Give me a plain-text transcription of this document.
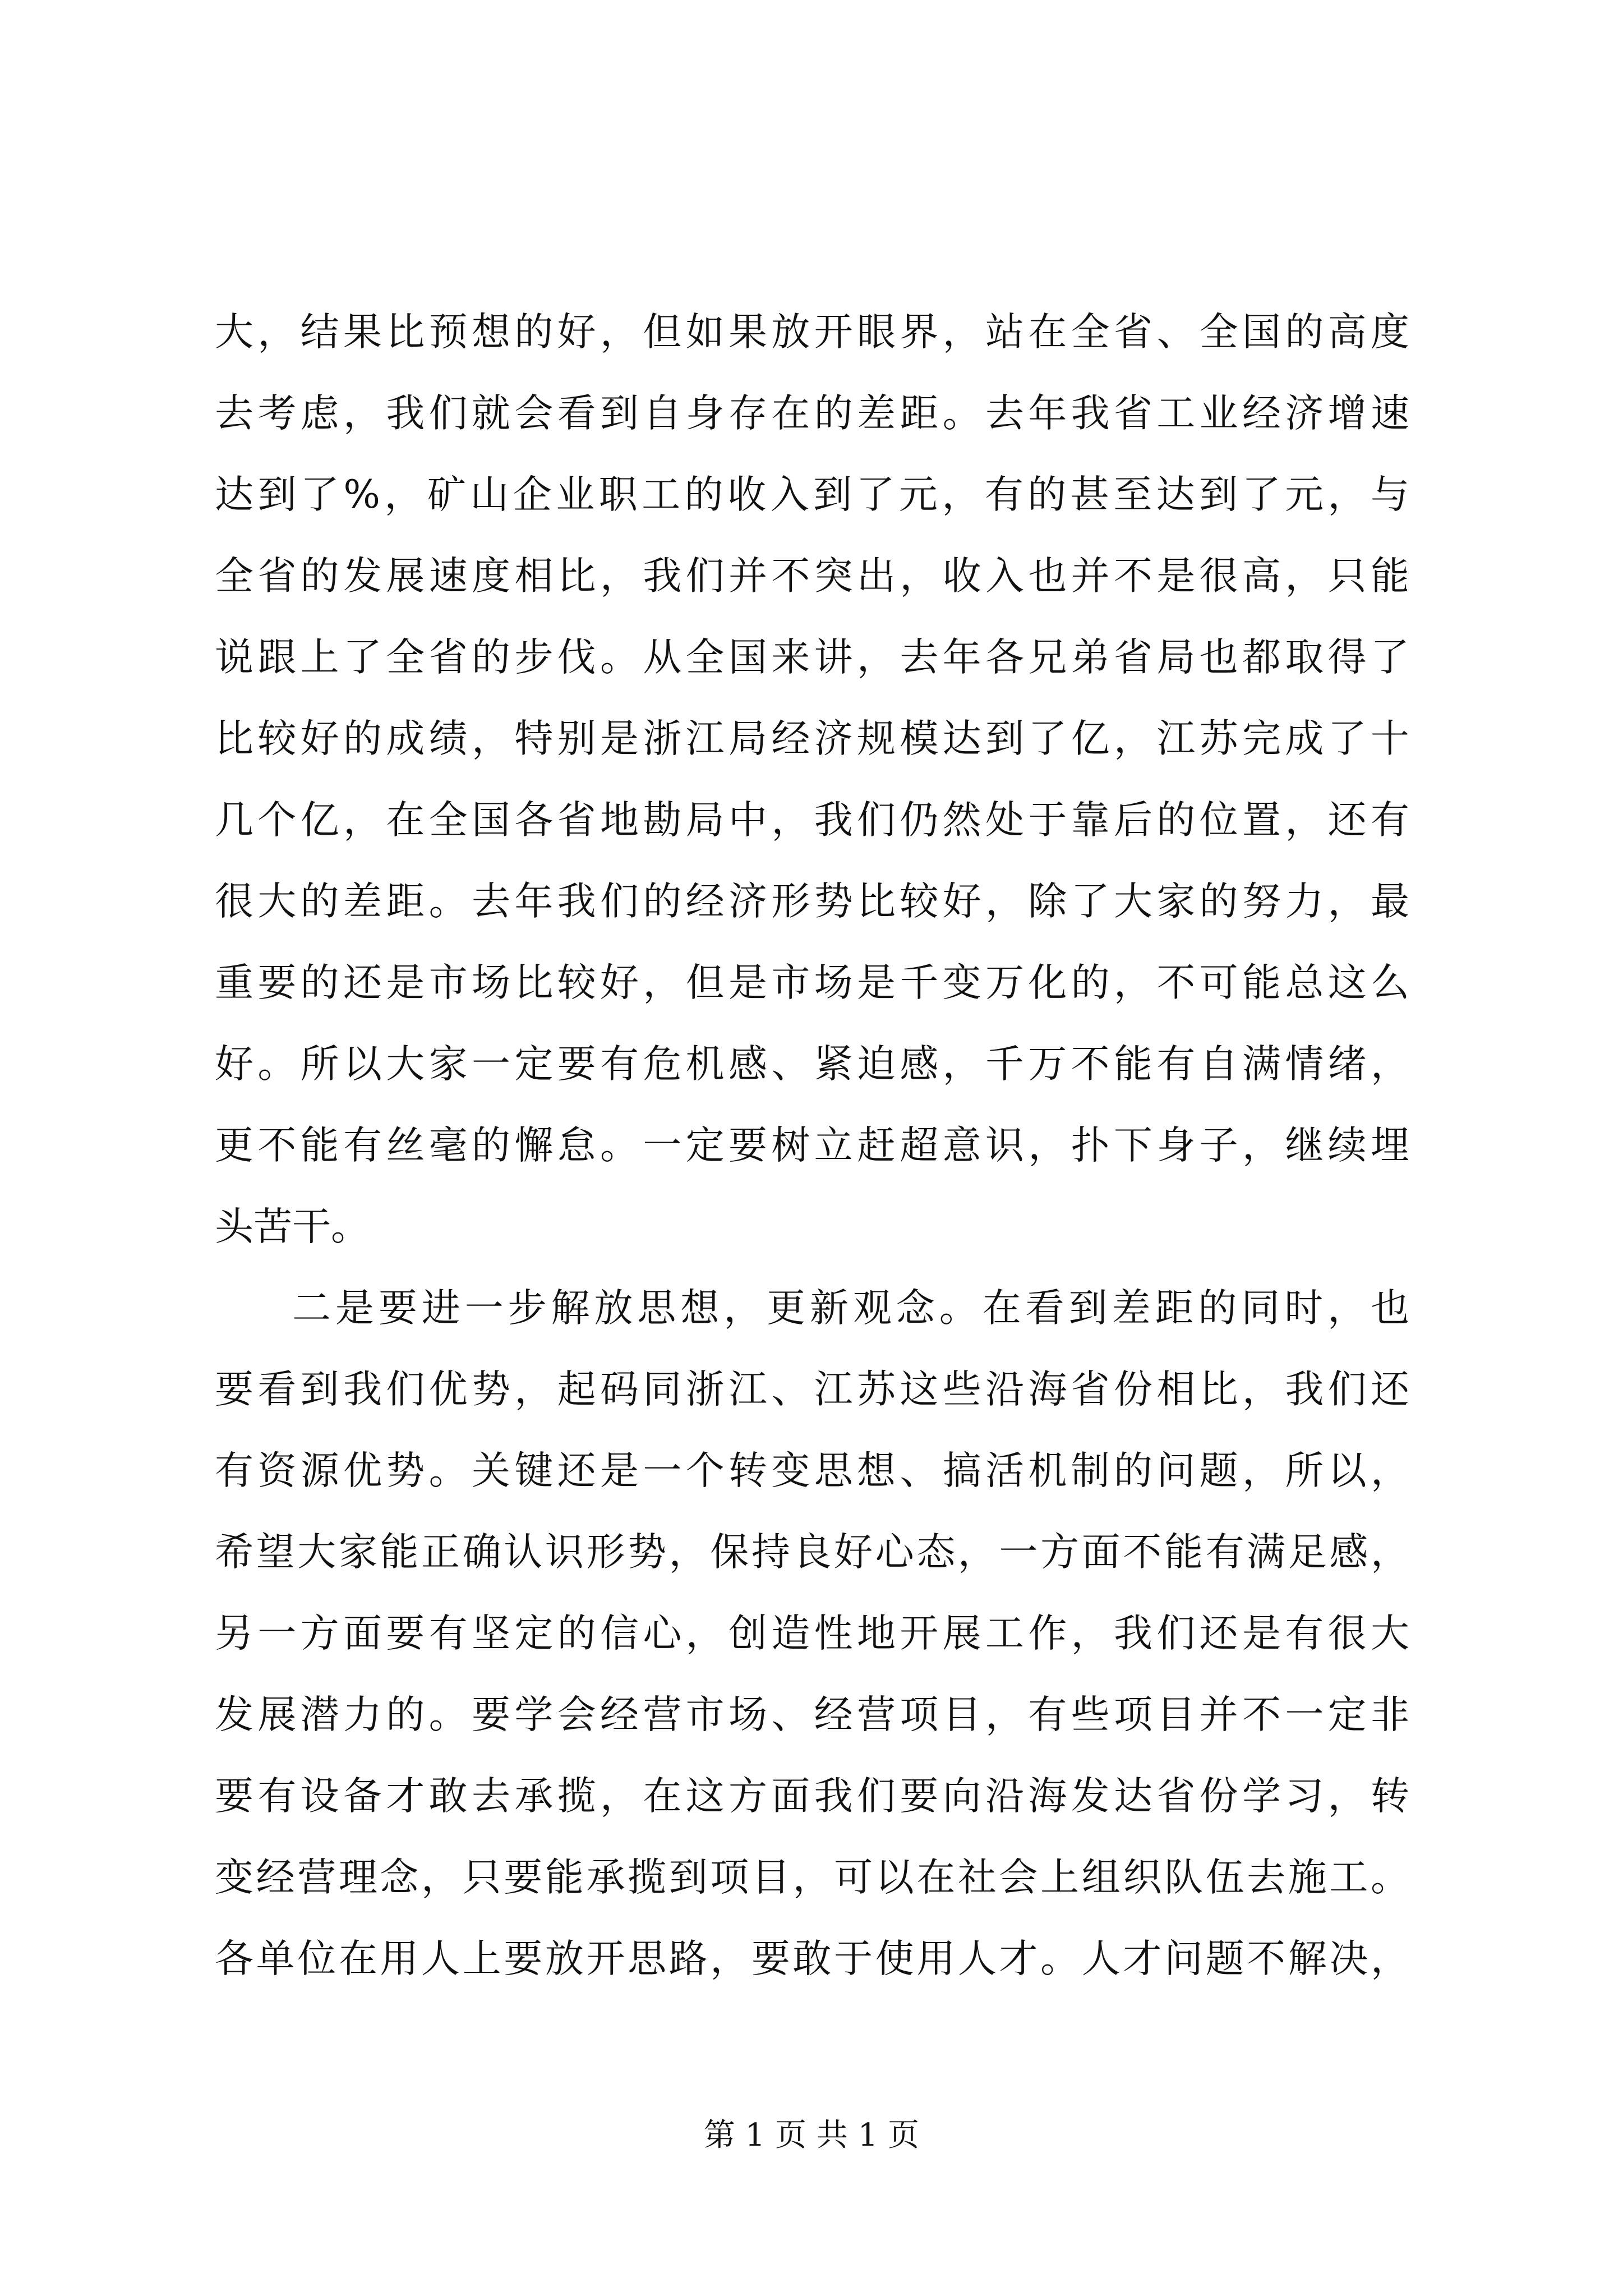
大，结果比预想的好，但如果放开眼界，站在全省、全国的高度
去考虑，我们就会看到自身存在的差距。去年我省工业经济增速
达到了%，矿山企业职工的收入到了元，有的甚至达到了元，与
全省的发展速度相比，我们并不突出，收入也并不是很高，只能
说跟上了全省的步伐。从全国来讲，去年各兄弟省局也都取得了
比较好的成绩，特别是浙江局经济规模达到了亿，江苏完成了十
几个亿，在全国各省地勘局中，我们仍然处于靠后的位置，还有
很大的差距。去年我们的经济形势比较好，除了大家的努力，最
重要的还是市场比较好，但是市场是千变万化的，不可能总这么
好。所以大家一定要有危机感、紧迫感，千万不能有自满情绪，
更不能有丝毫的懈怠。一定要树立赶超意识，扑下身子，继续埋
头苦干。
二是要进一步解放思想，更新观念。在看到差距的同时，也
要看到我们优势，起码同浙江、江苏这些沿海省份相比，我们还
有资源优势。关键还是一个转变思想、搞活机制的问题，所以，
希望大家能正确认识形势，保持良好心态，一方面不能有满足感，
另一方面要有坚定的信心，创造性地开展工作，我们还是有很大
发展潜力的。要学会经营市场、经营项目，有些项目并不一定非
要有设备才敢去承揽，在这方面我们要向沿海发达省份学习，转
变经营理念，只要能承揽到项目，可以在社会上组织队伍去施工。
各单位在用人上要放开思路，要敢于使用人才。人才问题不解决，
第 1 页 共 1 页
